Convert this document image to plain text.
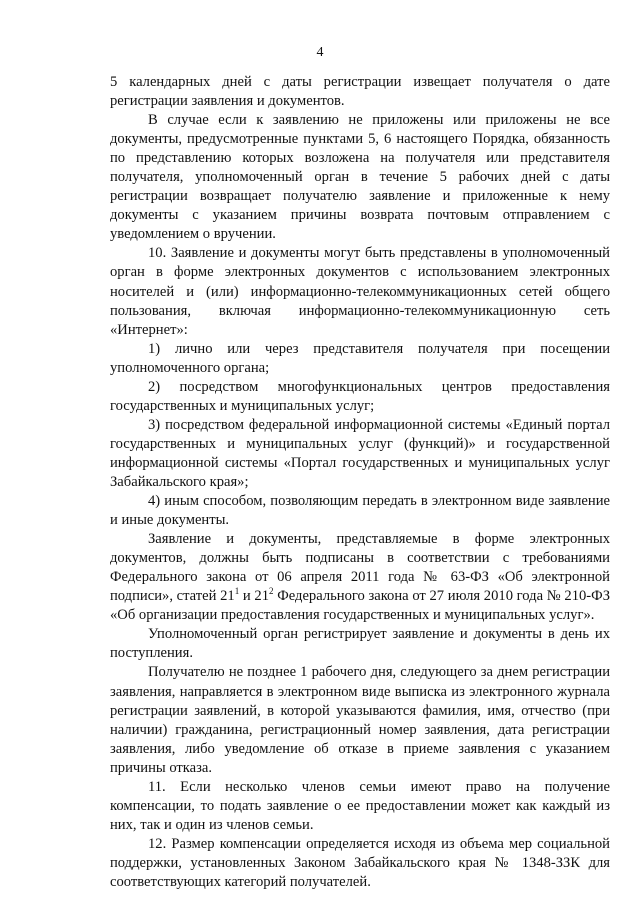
4

5 календарных дней с даты регистрации извещает получателя о дате регистрации заявления и документов.

В случае если к заявлению не приложены или приложены не все документы, предусмотренные пунктами 5, 6 настоящего Порядка, обязанность по представлению которых возложена на получателя или представителя получателя, уполномоченный орган в течение 5 рабочих дней с даты регистрации возвращает получателю заявление и приложенные к нему документы с указанием причины возврата почтовым отправлением с уведомлением о вручении.

10. Заявление и документы могут быть представлены в уполномоченный орган в форме электронных документов с использованием электронных носителей и (или) информационно-телекоммуникационных сетей общего пользования, включая информационно-телекоммуникационную сеть «Интернет»:

1) лично или через представителя получателя при посещении уполномоченного органа;

2) посредством многофункциональных центров предоставления государственных и муниципальных услуг;

3) посредством федеральной информационной системы «Единый портал государственных и муниципальных услуг (функций)» и государственной информационной системы «Портал государственных и муниципальных услуг Забайкальского края»;

4) иным способом, позволяющим передать в электронном виде заявление и иные документы.

Заявление и документы, представляемые в форме электронных документов, должны быть подписаны в соответствии с требованиями Федерального закона от 06 апреля 2011 года № 63-ФЗ «Об электронной подписи», статей $21^1$ и $21^2$ Федерального закона от 27 июля 2010 года № 210-ФЗ «Об организации предоставления государственных и муниципальных услуг».

Уполномоченный орган регистрирует заявление и документы в день их поступления.

Получателю не позднее 1 рабочего дня, следующего за днем регистрации заявления, направляется в электронном виде выписка из электронного журнала регистрации заявлений, в которой указываются фамилия, имя, отчество (при наличии) гражданина, регистрационный номер заявления, дата регистрации заявления, либо уведомление об отказе в приеме заявления с указанием причины отказа.

11. Если несколько членов семьи имеют право на получение компенсации, то подать заявление о ее предоставлении может как каждый из них, так и один из членов семьи.

12. Размер компенсации определяется исходя из объема мер социальной поддержки, установленных Законом Забайкальского края № 1348-ЗЗК для соответствующих категорий получателей.
